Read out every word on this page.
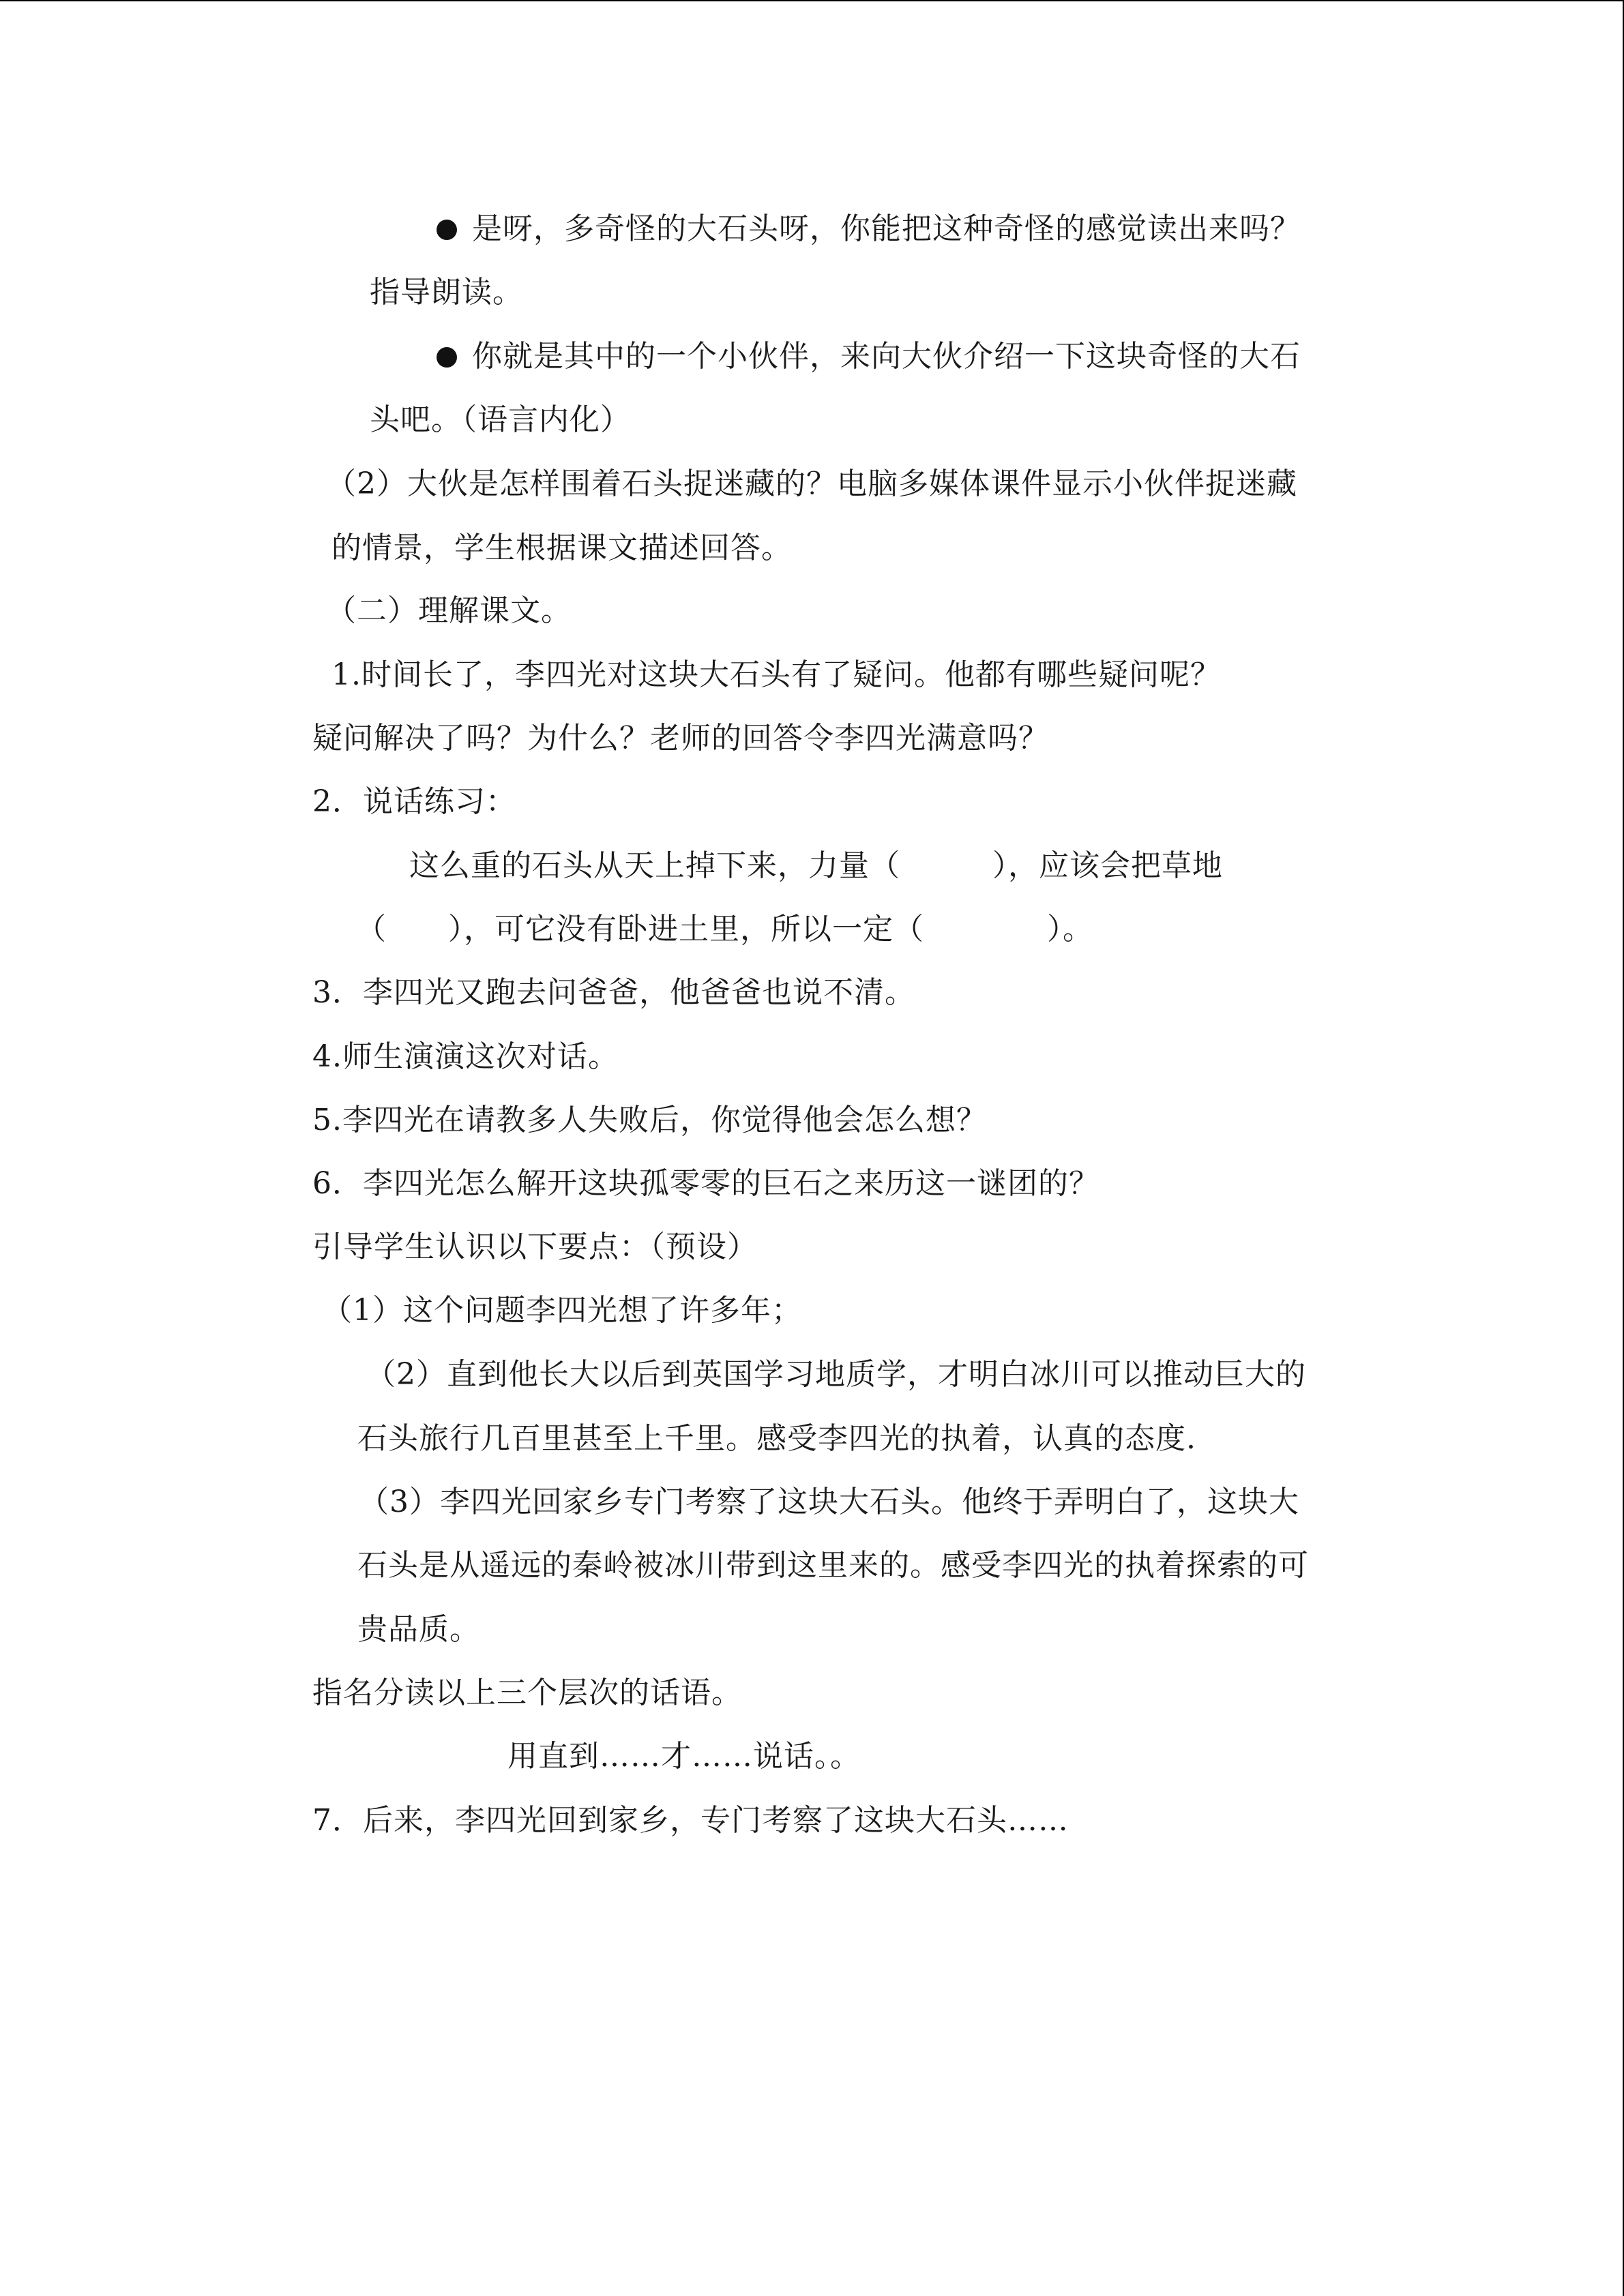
是呀，多奇怪的大石头呀，你能把这种奇怪的感觉读出来吗？
指导朗读。
你就是其中的一个小伙伴，来向大伙介绍一下这块奇怪的大石
头吧。（语言内化）
（2）大伙是怎样围着石头捉迷藏的？电脑多媒体课件显示小伙伴捉迷藏
的情景，学生根据课文描述回答。
（二）理解课文。
1.时间长了，李四光对这块大石头有了疑问。他都有哪些疑问呢？
疑问解决了吗？为什么？老师的回答令李四光满意吗？
2．说话练习：
这么重的石头从天上掉下来，力量（　　　），应该会把草地
（　　），可它没有卧进土里，所以一定（　　　　）。
3．李四光又跑去问爸爸，他爸爸也说不清。
4.师生演演这次对话。
5.李四光在请教多人失败后，你觉得他会怎么想？
6．李四光怎么解开这块孤零零的巨石之来历这一谜团的？
引导学生认识以下要点：（预设）
（1）这个问题李四光想了许多年；
（2）直到他长大以后到英国学习地质学，才明白冰川可以推动巨大的
石头旅行几百里甚至上千里。感受李四光的执着，认真的态度.
（3）李四光回家乡专门考察了这块大石头。他终于弄明白了，这块大
石头是从遥远的秦岭被冰川带到这里来的。感受李四光的执着探索的可
贵品质。
指名分读以上三个层次的话语。
用直到……才……说话。。
7．后来，李四光回到家乡，专门考察了这块大石头……
